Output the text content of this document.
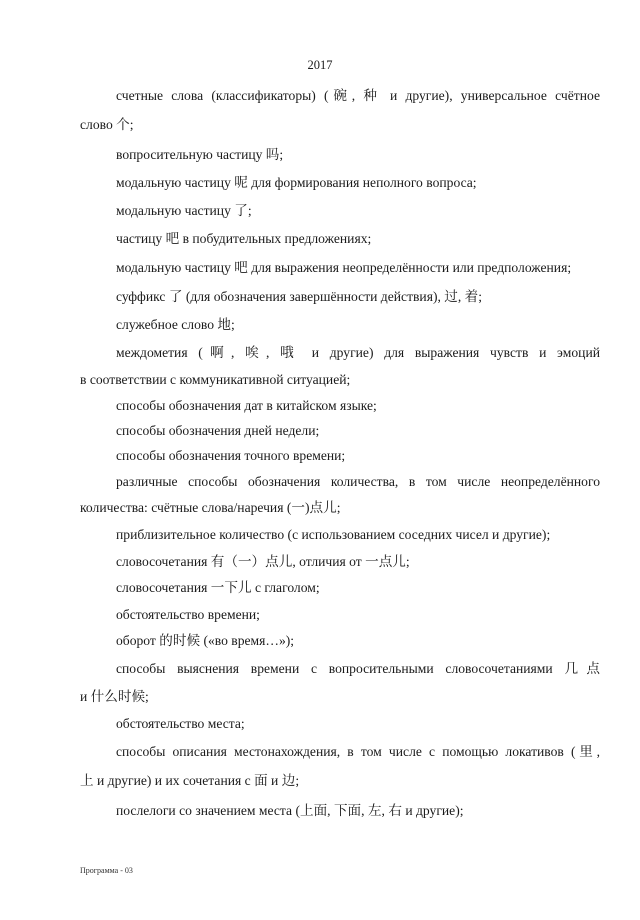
2017
счетные слова (классификаторы) (碗, 种 и другие), универсальное счётное
слово 个;
вопросительную частицу 吗;
модальную частицу 呢 для формирования неполного вопроса;
модальную частицу 了;
частицу 吧 в побудительных предложениях;
модальную частицу 吧 для выражения неопределённости или предположения;
суффикс 了 (для обозначения завершённости действия), 过, 着;
служебное слово 地;
междометия (啊, 唉, 哦 и другие) для выражения чувств и эмоций
в соответствии с коммуникативной ситуацией;
способы обозначения дат в китайском языке;
способы обозначения дней недели;
способы обозначения точного времени;
различные способы обозначения количества, в том числе неопределённого
количества: счётные слова/наречия (一)点儿;
приблизительное количество (с использованием соседних чисел и другие);
словосочетания 有（一）点儿, отличия от 一点儿;
словосочетания 一下儿 с глаголом;
обстоятельство времени;
оборот 的时候 («во время…»);
способы выяснения времени с вопросительными словосочетаниями 几点
и 什么时候;
обстоятельство места;
способы описания местонахождения, в том числе с помощью локативов (里,
上 и другие) и их сочетания с 面 и 边;
послелоги со значением места (上面, 下面, 左, 右 и другие);
Программа - 03
